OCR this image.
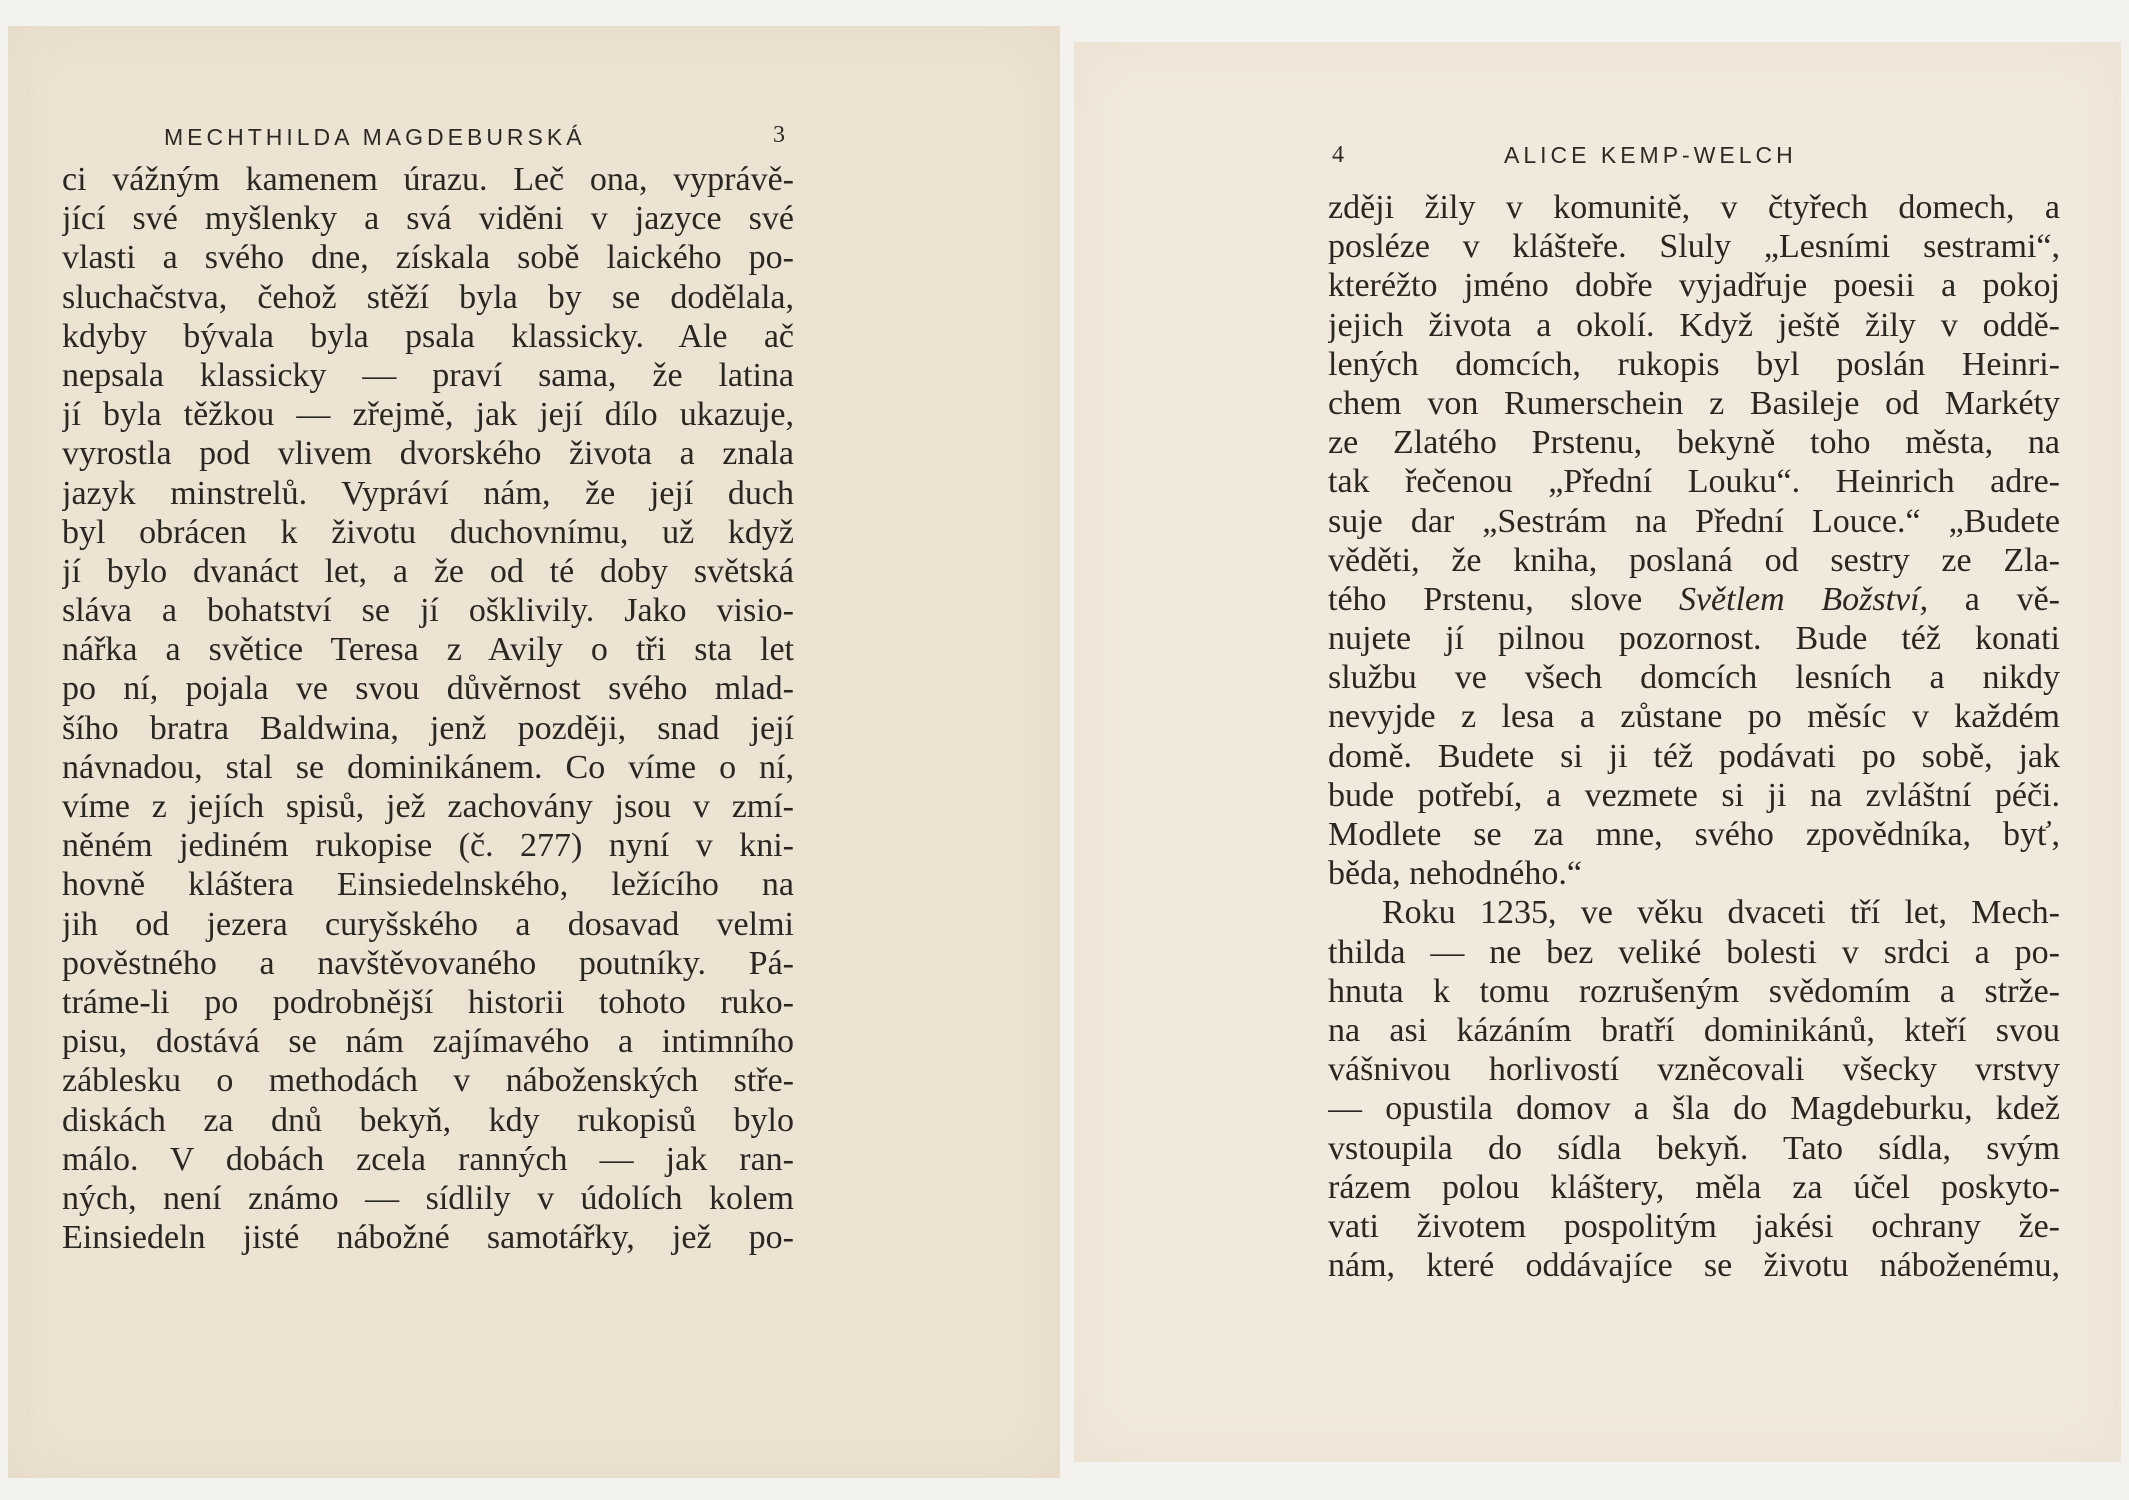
MECHTHILDA MAGDEBURSKÁ	3
ci vážným kamenem úrazu. Leč ona, vyprávě-
jící své myšlenky a svá viděni v jazyce své
vlasti a svého dne, získala sobě laického po-
sluchačstva, čehož stěží byla by se dodělala,
kdyby bývala byla psala klassicky. Ale ač
nepsala klassicky — praví sama, že latina
jí byla těžkou — zřejmě, jak její dílo ukazuje,
vyrostla pod vlivem dvorského života a znala
jazyk minstrelů. Vypráví nám, že její duch
byl obrácen k životu duchovnímu, už když
jí bylo dvanáct let, a že od té doby světská
sláva a bohatství se jí ošklivily. Jako visio-
nářka a světice Teresa z Avily o tři sta let
po ní, pojala ve svou důvěrnost svého mlad-
šího bratra Baldwina, jenž později, snad její
návnadou, stal se dominikánem. Co víme o ní,
víme z jejích spisů, jež zachovány jsou v zmí-
něném jediném rukopise (č. 277) nyní v kni-
hovně kláštera Einsiedelnského, ležícího na
jih od jezera curyšského a dosavad velmi
pověstného a navštěvovaného poutníky. Pá-
tráme-li po podrobnější historii tohoto ruko-
pisu, dostává se nám zajímavého a intimního
záblesku o methodách v náboženských stře-
diskách za dnů bekyň, kdy rukopisů bylo
málo. V dobách zcela ranných — jak ran-
ných, není známo — sídlily v údolích kolem
Einsiedeln jisté nábožné samotářky, jež po-
4	ALICE KEMP-WELCH
zději žily v komunitě, v čtyřech domech, a
posléze v klášteře. Sluly „Lesními sestrami“,
kteréžto jméno dobře vyjadřuje poesii a pokoj
jejich života a okolí. Když ještě žily v oddě-
lených domcích, rukopis byl poslán Heinri-
chem von Rumerschein z Basileje od Markéty
ze Zlatého Prstenu, bekyně toho města, na
tak řečenou „Přední Louku“. Heinrich adre-
suje dar „Sestrám na Přední Louce.“ „Budete
věděti, že kniha, poslaná od sestry ze Zla-
tého Prstenu, slove Světlem Božství, a vě-
nujete jí pilnou pozornost. Bude též konati
službu ve všech domcích lesních a nikdy
nevyjde z lesa a zůstane po měsíc v každém
domě. Budete si ji též podávati po sobě, jak
bude potřebí, a vezmete si ji na zvláštní péči.
Modlete se za mne, svého zpovědníka, byť,
běda, nehodného.“
Roku 1235, ve věku dvaceti tří let, Mech-
thilda — ne bez veliké bolesti v srdci a po-
hnuta k tomu rozrušeným svědomím a strže-
na asi kázáním bratří dominikánů, kteří svou
vášnivou horlivostí vzněcovali všecky vrstvy
— opustila domov a šla do Magdeburku, kdež
vstoupila do sídla bekyň. Tato sídla, svým
rázem polou kláštery, měla za účel poskyto-
vati životem pospolitým jakési ochrany že-
nám, které oddávajíce se životu náboženému,
